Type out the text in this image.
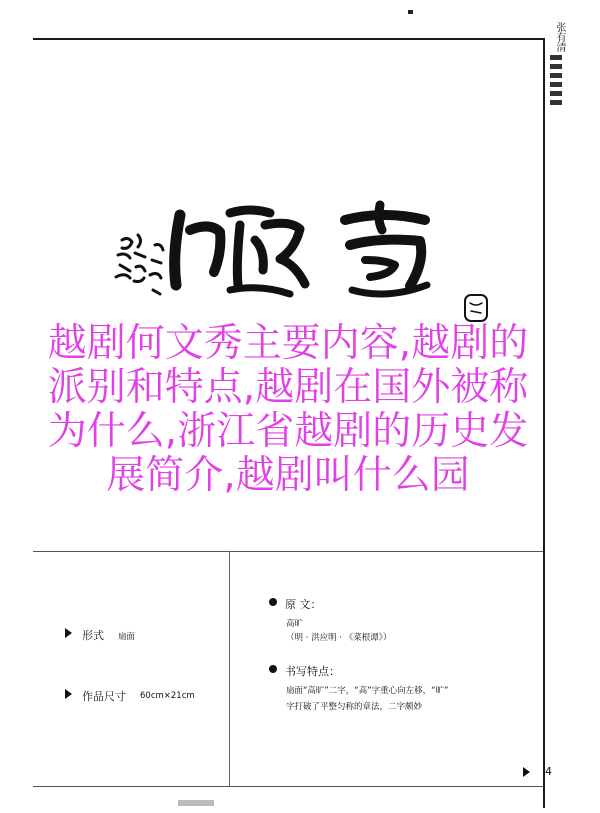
张有清
越剧何文秀主要内容,越剧的
派别和特点,越剧在国外被称
为什么,浙江省越剧的历史发
展简介,越剧叫什么园
形式 扇面
作品尺寸 60cm×21cm
原 文：
高旷
（明 · 洪应明 · 《菜根谭》）
书写特点：
扇面“高旷”二字，“高”字重心向左移，“旷”
字打破了平整匀称的章法，二字颇妙
4
